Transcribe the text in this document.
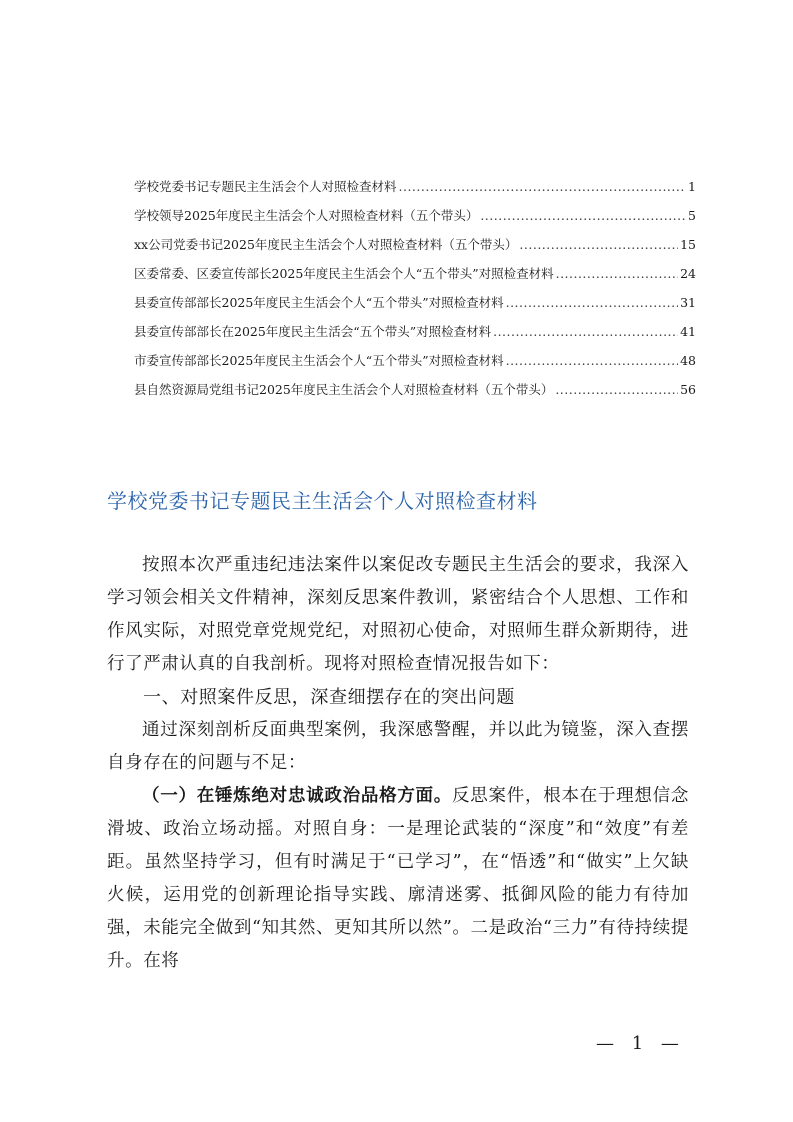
学校党委书记专题民主生活会个人对照检查材料 .....	1
学校领导2025年度民主生活会个人对照检查材料（五个带头） .....	5
xx公司党委书记2025年度民主生活会个人对照检查材料（五个带头） .....	15
区委常委、区委宣传部长2025年度民主生活会个人“五个带头”对照检查材料 .....	24
县委宣传部部长2025年度民主生活会个人“五个带头”对照检查材料 .....	31
县委宣传部部长在2025年度民主生活会“五个带头”对照检查材料 .....	41
市委宣传部部长2025年度民主生活会个人“五个带头”对照检查材料 .....	48
县自然资源局党组书记2025年度民主生活会个人对照检查材料（五个带头） .....	56
学校党委书记专题民主生活会个人对照检查材料

按照本次严重违纪违法案件以案促改专题民主生活会的要求，我深入学习领会相关文件精神，深刻反思案件教训，紧密结合个人思想、工作和作风实际，对照党章党规党纪，对照初心使命，对照师生群众新期待，进行了严肃认真的自我剖析。现将对照检查情况报告如下：

一、对照案件反思，深查细摆存在的突出问题

通过深刻剖析反面典型案例，我深感警醒，并以此为镜鉴，深入查摆自身存在的问题与不足：

（一）在锤炼绝对忠诚政治品格方面。反思案件，根本在于理想信念滑坡、政治立场动摇。对照自身：一是理论武装的“深度”和“效度”有差距。虽然坚持学习，但有时满足于“已学习”，在“悟透”和“做实”上欠缺火候，运用党的创新理论指导实践、廓清迷雾、抵御风险的能力有待加强，未能完全做到“知其然、更知其所以然”。二是政治“三力”有待持续提升。在将

— 1 —
